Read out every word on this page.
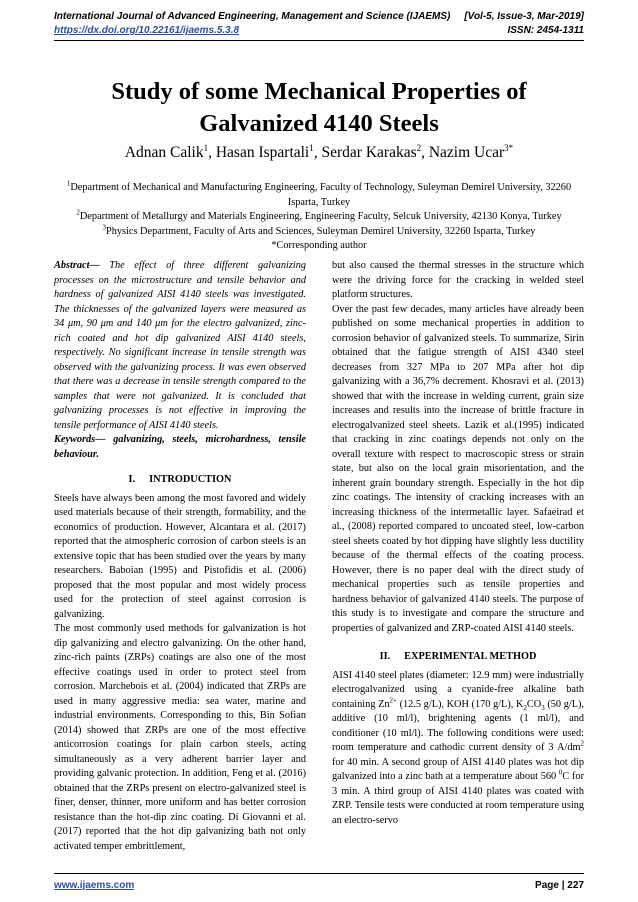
International Journal of Advanced Engineering, Management and Science (IJAEMS) [Vol-5, Issue-3, Mar-2019]
https://dx.doi.org/10.22161/ijaems.5.3.8	ISSN: 2454-1311
Study of some Mechanical Properties of
Galvanized 4140 Steels
Adnan Calik$^1$, Hasan Ispartali$^1$, Serdar Karakas$^2$, Nazim Ucar$^{3*}$
$^1$Department of Mechanical and Manufacturing Engineering, Faculty of Technology, Suleyman Demirel University, 32260 Isparta, Turkey
$^2$Department of Metallurgy and Materials Engineering, Engineering Faculty, Selcuk University, 42130 Konya, Turkey
$^3$Physics Department, Faculty of Arts and Sciences, Suleyman Demirel University, 32260 Isparta, Turkey
*Corresponding author

Abstract— The effect of three different galvanizing processes on the microstructure and tensile behavior and hardness of galvanized AISI 4140 steels was investigated. The thicknesses of the galvanized layers were measured as 34 μm, 90 μm and 140 μm for the electro galvanized, zinc-rich coated and hot dip galvanized AISI 4140 steels, respectively. No significant increase in tensile strength was observed with the galvanizing process. It was even observed that there was a decrease in tensile strength compared to the samples that were not galvanized. It is concluded that galvanizing processes is not effective in improving the tensile performance of AISI 4140 steels.

Keywords— galvanizing, steels, microhardness, tensile behaviour.

I. INTRODUCTION

Steels have always been among the most favored and widely used materials because of their strength, formability, and the economics of production. However, Alcantara et al. (2017) reported that the atmospheric corrosion of carbon steels is an extensive topic that has been studied over the years by many researchers. Baboian (1995) and Pistofidis et al. (2006) proposed that the most popular and most widely process used for the protection of steel against corrosion is galvanizing.

The most commonly used methods for galvanization is hot dip galvanizing and electro galvanizing. On the other hand, zinc-rich paints (ZRPs) coatings are also one of the most effective coatings used in order to protect steel from corrosion. Marchebois et al. (2004) indicated that ZRPs are used in many aggressive media: sea water, marine and industrial environments. Corresponding to this, Bin Sofian (2014) showed that ZRPs are one of the most effective anticorrosion coatings for plain carbon steels, acting simultaneously as a very adherent barrier layer and providing galvanic protection. In addition, Feng et al. (2016) obtained that the ZRPs present on electro-galvanized steel is finer, denser, thinner, more uniform and has better corrosion resistance than the hot-dip zinc coating. Di Giovanni et al. (2017) reported that the hot dip galvanizing bath not only activated temper embrittlement,

but also caused the thermal stresses in the structure which were the driving force for the cracking in welded steel platform structures.

Over the past few decades, many articles have already been published on some mechanical properties in addition to corrosion behavior of galvanized steels. To summarize, Sirin obtained that the fatigue strength of AISI 4340 steel decreases from 327 MPa to 207 MPa after hot dip galvanizing with a 36,7% decrement. Khosravi et al. (2013) showed that with the increase in welding current, grain size increases and results into the increase of brittle fracture in electrogalvanized steel sheets. Lazik et al.(1995) indicated that cracking in zinc coatings depends not only on the overall texture with respect to macroscopic stress or strain state, but also on the local grain misorientation, and the inherent grain boundary strength. Especially in the hot dip zinc coatings. The intensity of cracking increases with an increasing thickness of the intermetallic layer. Safaeirad et al., (2008) reported compared to uncoated steel, low-carbon steel sheets coated by hot dipping have slightly less ductility because of the thermal effects of the coating process. However, there is no paper deal with the direct study of mechanical properties such as tensile properties and hardness behavior of galvanized 4140 steels. The purpose of this study is to investigate and compare the structure and properties of galvanized and ZRP-coated AISI 4140 steels.

II. EXPERIMENTAL METHOD

AISI 4140 steel plates (diameter: 12.9 mm) were industrially electrogalvanized using a cyanide-free alkaline bath containing $Zn^{2+}$ (12.5 g/L), KOH (170 g/L), $K_2CO_3$ (50 g/L), additive (10 ml/l), brightening agents (1 ml/l), and conditioner (10 ml/l). The following conditions were used: room temperature and cathodic current density of 3 $A/dm^2$ for 40 min. A second group of AISI 4140 plates was hot dip galvanized into a zinc bath at a temperature about 560 $^0$C for 3 min. A third group of AISI 4140 plates was coated with ZRP. Tensile tests were conducted at room temperature using an electro-servo

www.ijaems.com	Page | 227
